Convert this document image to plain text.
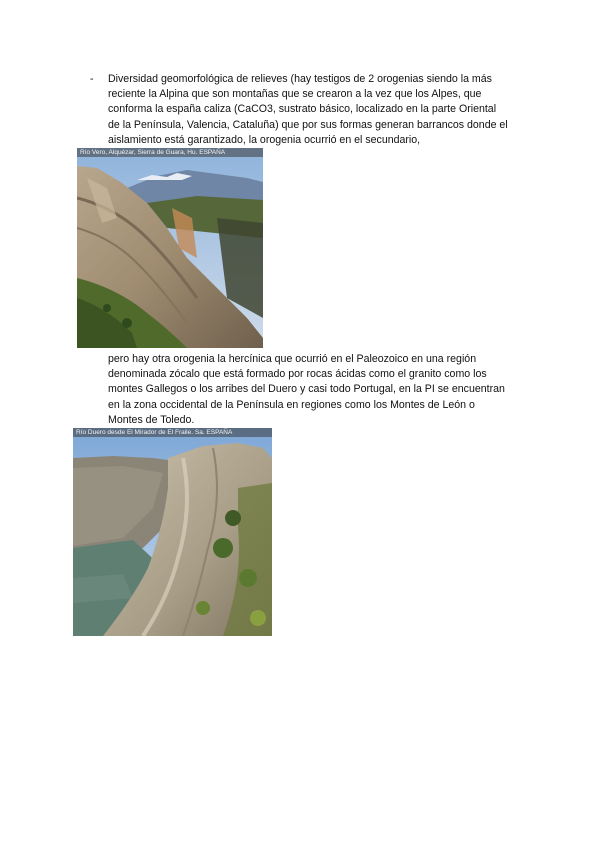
- Diversidad geomorfológica de relieves (hay testigos de 2 orogenias siendo la más
reciente la Alpina que son montañas que se crearon a la vez que los Alpes, que
conforma la españa caliza (CaCO3, sustrato básico, localizado en la parte Oriental
de la Península, Valencia, Cataluña) que por sus formas generan barrancos donde el
aislamiento está garantizado, la orogenia ocurrió en el secundario,

Río Vero, Alquézar, Sierra de Guara, Hu. ESPAÑA

pero hay otra orogenia la hercínica que ocurrió en el Paleozoico en una región
denominada zócalo que está formado por rocas ácidas como el granito como los
montes Gallegos o los arribes del Duero y casi todo Portugal, en la PI se encuentran
en la zona occidental de la Península en regiones como los Montes de León o
Montes de Toledo.

Río Duero desde El Mirador de El Fraile. Sa. ESPAÑA
